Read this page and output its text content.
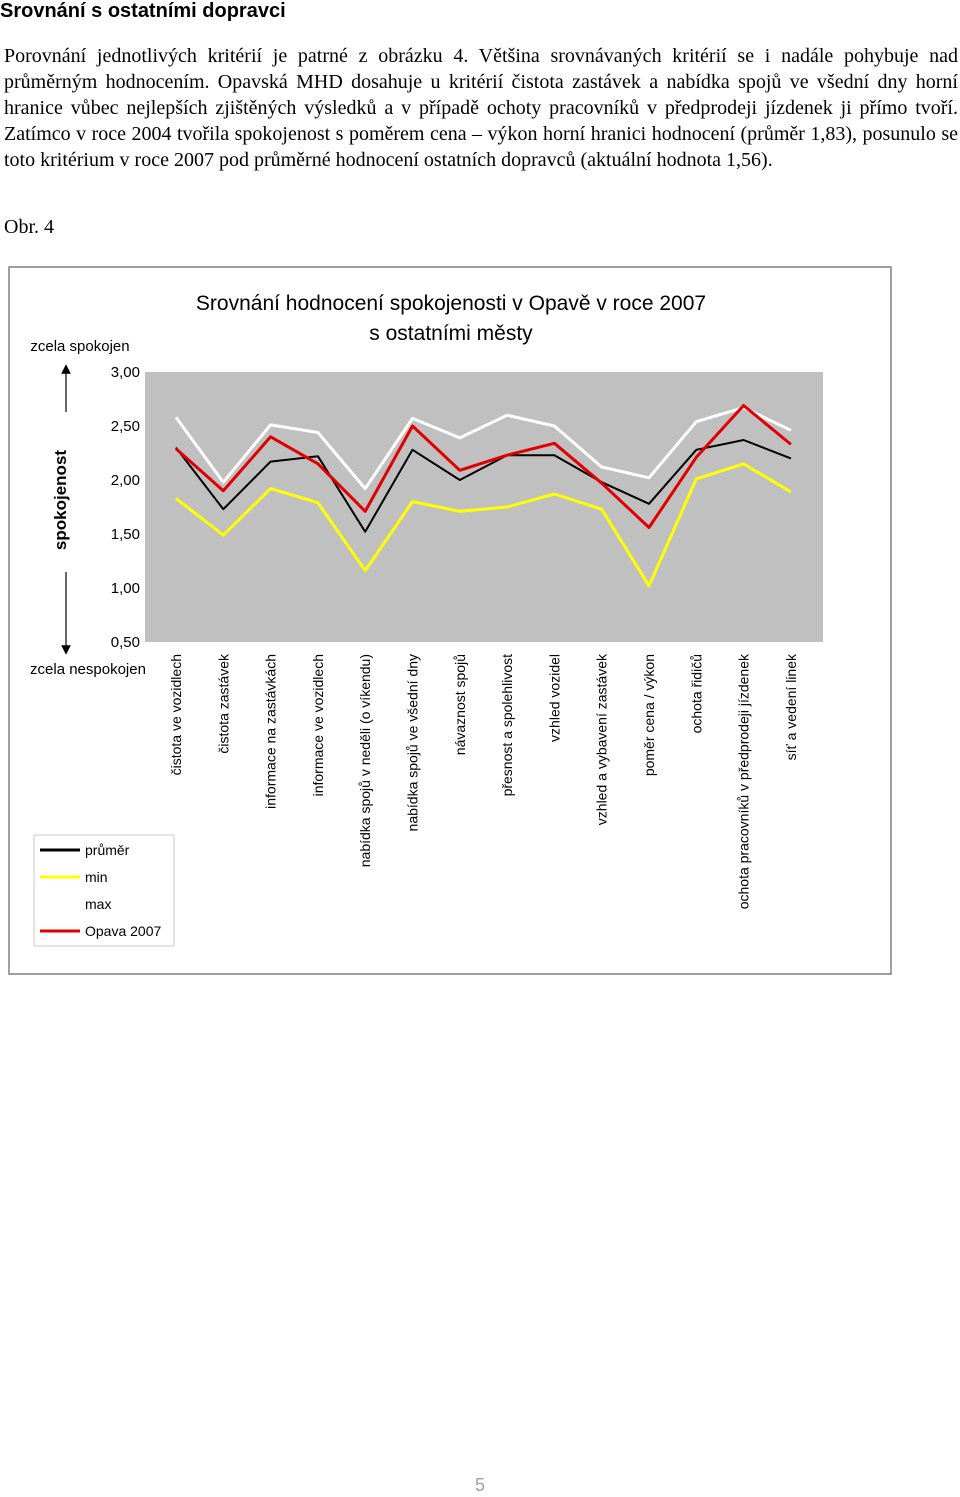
Srovnání s ostatními dopravci

Porovnání jednotlivých kritérií je patrné z obrázku 4. Většina srovnávaných kritérií se i nadále pohybuje nad průměrným hodnocením. Opavská MHD dosahuje u kritérií čistota zastávek a nabídka spojů ve všední dny horní hranice vůbec nejlepších zjištěných výsledků a v případě ochoty pracovníků v předprodeji jízdenek ji přímo tvoří. Zatímco v roce 2004 tvořila spokojenost s poměrem cena – výkon horní hranici hodnocení (průměr 1,83), posunulo se toto kritérium v roce 2007 pod průměrné hodnocení ostatních dopravců (aktuální hodnota 1,56).

Obr. 4

Srovnání hodnocení spokojenosti v Opavě v roce 2007
s ostatními městy
zcela spokojen
zcela nespokojen
spokojenost
3,00
2,50
2,00
1,50
1,00
0,50
čistota ve vozidlech čistota zastávek informace na zastávkách informace ve vozidlech nabídka spojů v neděli (o víkendu) nabídka spojů ve všední dny návaznost spojů přesnost a spolehlivost vzhled vozidel vzhled a vybavení zastávek poměr cena / výkon ochota řidičů ochota pracovníků v předprodeji jízdenek síť a vedení linek
průměr
min
max
Opava 2007
5
